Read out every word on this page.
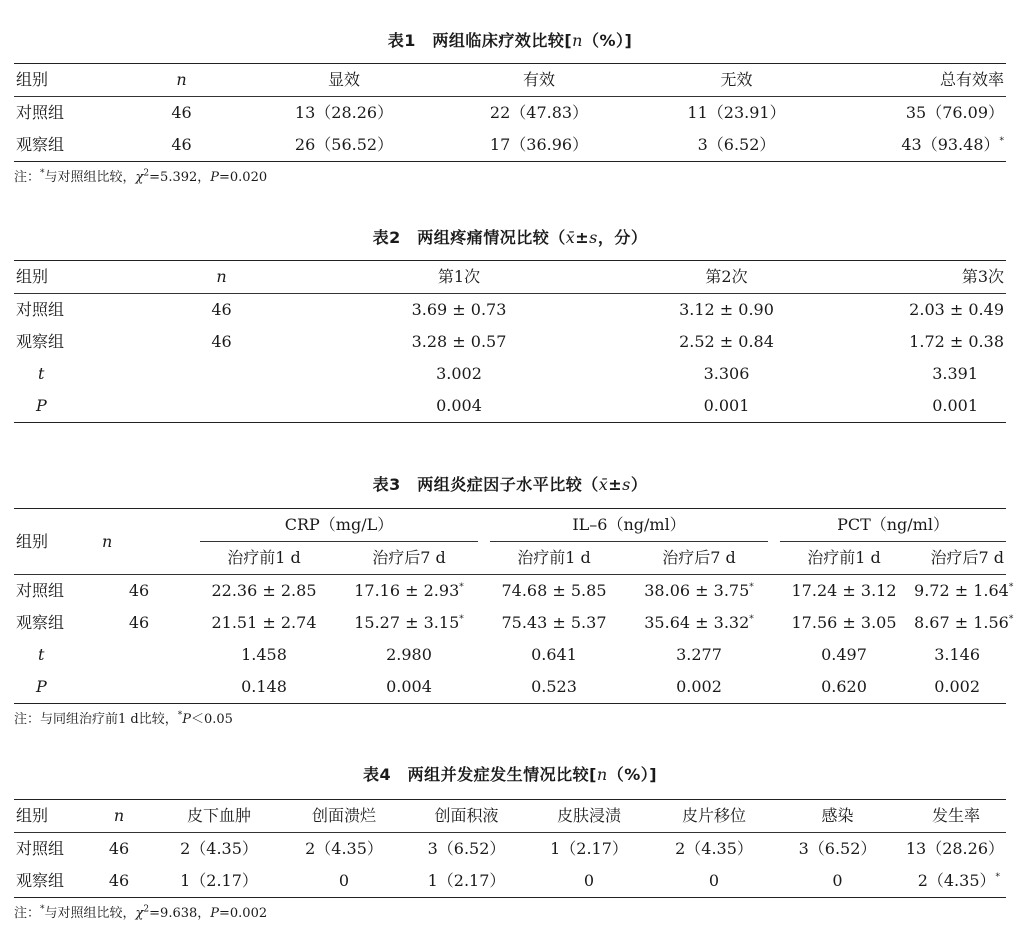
表1　两组临床疗效比较[n（%）]
组别	n	显效	有效	无效	总有效率
对照组	46	13（28.26）	22（47.83）	11（23.91）	35（76.09）
观察组	46	26（56.52）	17（36.96）	3（6.52）	43（93.48）*
注：*与对照组比较，$\chi^2=5.392$，P=0.020
表2　两组疼痛情况比较（x̄±s，分）
组别	n	第1次	第2次	第3次
对照组	46	3.69 ± 0.73	3.12 ± 0.90	2.03 ± 0.49
观察组	46	3.28 ± 0.57	2.52 ± 0.84	1.72 ± 0.38
t		3.002	3.306	3.391
P		0.004	0.001	0.001
表3　两组炎症因子水平比较（x̄±s）
组别	n	CRP（mg/L）		IL–6（ng/ml）		PCT（ng/ml）	

		治疗前1 d	治疗后7 d	治疗前1 d	治疗后7 d	治疗前1 d	治疗后7 d
对照组	46	22.36 ± 2.85	17.16 ± 2.93*	74.68 ± 5.85	38.06 ± 3.75*	17.24 ± 3.12	9.72 ± 1.64*
观察组	46	21.51 ± 2.74	15.27 ± 3.15*	75.43 ± 5.37	35.64 ± 3.32*	17.56 ± 3.05	8.67 ± 1.56*
t		1.458	2.980	0.641	3.277	0.497	3.146
P		0.148	0.004	0.523	0.002	0.620	0.002
注：与同组治疗前1 d比较，*P＜0.05
表4　两组并发症发生情况比较[n（%）]
组别	n	皮下血肿	创面溃烂	创面积液	皮肤浸渍	皮片移位	感染	发生率
对照组	46	2（4.35）	2（4.35）	3（6.52）	1（2.17）	2（4.35）	3（6.52）	13（28.26）
观察组	46	1（2.17）	0	1（2.17）	0	0	0	2（4.35）*
注：*与对照组比较，$\chi^2=9.638$，P=0.002
